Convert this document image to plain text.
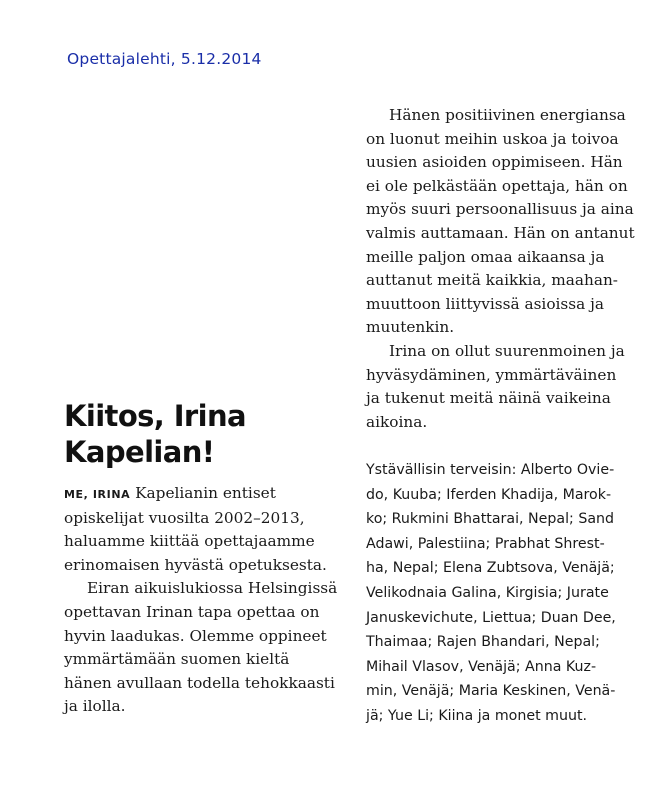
Opettajalehti, 5.12.2014
Hänen positiivinen energiansa
on luonut meihin uskoa ja toivoa
uusien asioiden oppimiseen. Hän
ei ole pelkästään opettaja, hän on
myös suuri persoonallisuus ja aina
valmis auttamaan. Hän on antanut
meille paljon omaa aikaansa ja
auttanut meitä kaikkia, maahan-
muuttoon liittyvissä asioissa ja
muutenkin.
Irina on ollut suurenmoinen ja
hyväsydäminen, ymmärtäväinen
ja tukenut meitä näinä vaikeina
aikoina.
Ystävällisin terveisin: Alberto Ovie-
do, Kuuba; Iferden Khadija, Marok-
ko; Rukmini Bhattarai, Nepal; Sand
Adawi, Palestiina; Prabhat Shrest-
ha, Nepal; Elena Zubtsova, Venäjä;
Velikodnaia Galina, Kirgisia; Jurate
Januskevichute, Liettua; Duan Dee,
Thaimaa; Rajen Bhandari, Nepal;
Mihail Vlasov, Venäjä; Anna Kuz-
min, Venäjä; Maria Keskinen, Venä-
jä; Yue Li; Kiina ja monet muut.
Kiitos, Irina
Kapelian!
ME, IRINA Kapelianin entiset
opiskelijat vuosilta 2002–2013,
haluamme kiittää opettajaamme
erinomaisen hyvästä opetuksesta.
Eiran aikuislukiossa Helsingissä
opettavan Irinan tapa opettaa on
hyvin laadukas. Olemme oppineet
ymmärtämään suomen kieltä
hänen avullaan todella tehokkaasti
ja ilolla.
